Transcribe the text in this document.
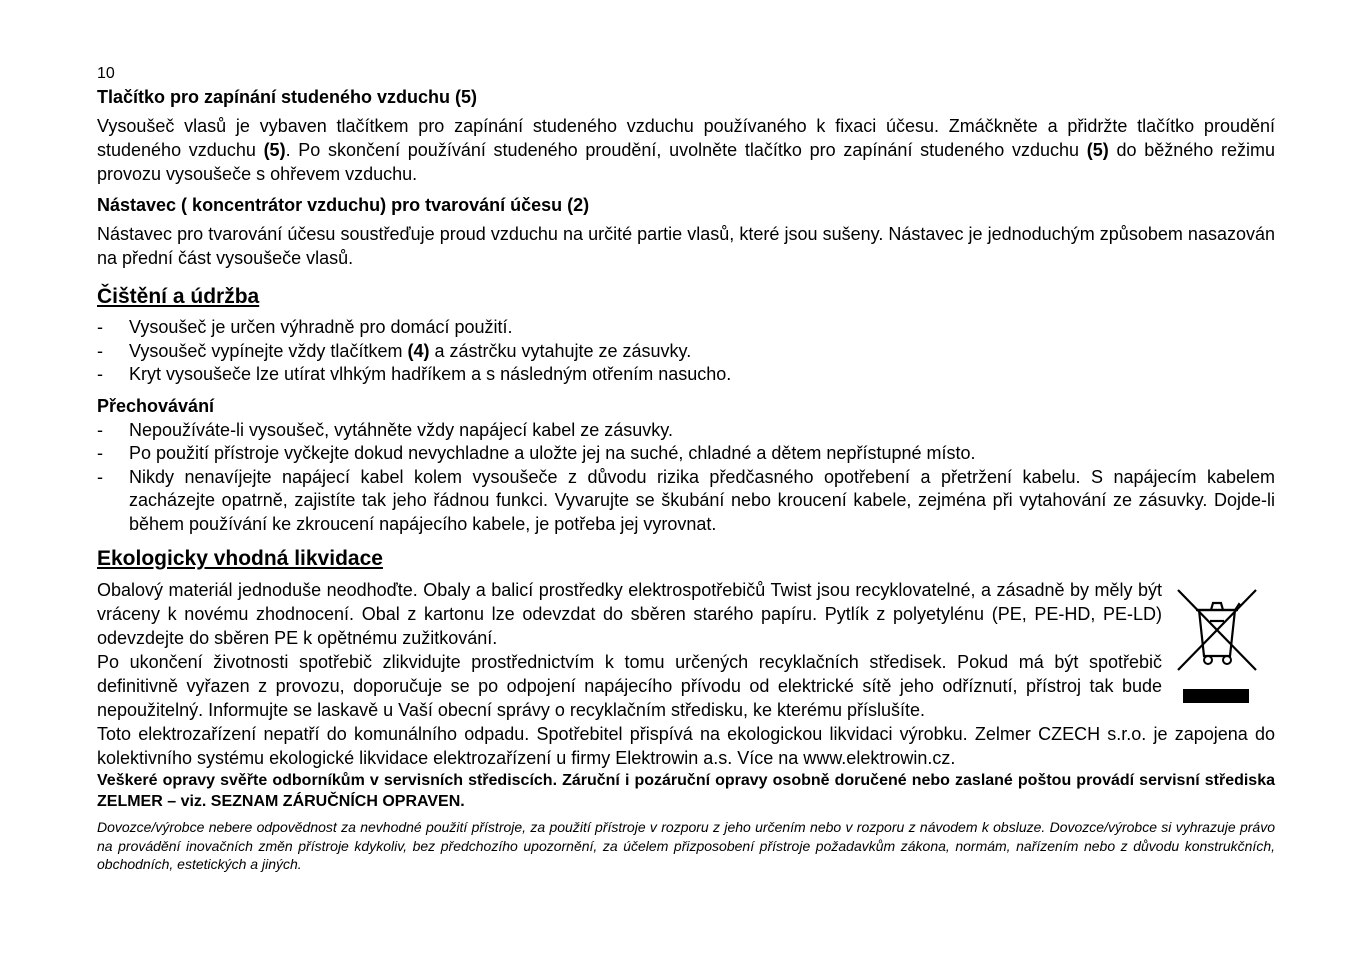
10
Tlačítko pro zapínání studeného vzduchu (5)

Vysoušeč vlasů je vybaven tlačítkem pro zapínání studeného vzduchu používaného k fixaci účesu. Zmáčkněte a přidržte tlačítko proudění studeného vzduchu (5). Po skončení používání studeného proudění, uvolněte tlačítko pro zapínání studeného vzduchu (5) do běžného režimu provozu vysoušeče s ohřevem vzduchu.

Nástavec ( koncentrátor vzduchu) pro tvarování účesu (2)

Nástavec pro tvarování účesu soustřeďuje proud vzduchu na určité partie vlasů, které jsou sušeny. Nástavec je jednoduchým způsobem nasazován na přední část vysoušeče vlasů.

Čištění a údržba
- Vysoušeč je určen výhradně pro domácí použití.
- Vysoušeč vypínejte vždy tlačítkem (4) a zástrčku vytahujte ze zásuvky.
- Kryt vysoušeče lze utírat vlhkým hadříkem a s následným otřením nasucho.
Přechovávání
- Nepoužíváte-li vysoušeč, vytáhněte vždy napájecí kabel ze zásuvky.
- Po použití přístroje vyčkejte dokud nevychladne a uložte jej na suché, chladné a dětem nepřístupné místo.
- Nikdy nenavíjejte napájecí kabel kolem vysoušeče z důvodu rizika předčasného opotřebení a přetržení kabelu. S napájecím kabelem zacházejte opatrně, zajistíte tak jeho řádnou funkci. Vyvarujte se škubání nebo kroucení kabele, zejména při vytahování ze zásuvky. Dojde-li během používání ke zkroucení napájecího kabele, je potřeba jej vyrovnat.
Ekologicky vhodná likvidace

Obalový materiál jednoduše neodhoďte. Obaly a balicí prostředky elektrospotřebičů Twist jsou recyklovatelné, a zásadně by měly být vráceny k novému zhodnocení. Obal z kartonu lze odevzdat do sběren starého papíru. Pytlík z polyetylénu (PE, PE-HD, PE-LD) odevzdejte do sběren PE k opětnému zužitkování.

Po ukončení životnosti spotřebič zlikvidujte prostřednictvím k tomu určených recyklačních středisek. Pokud má být spotřebič definitivně vyřazen z provozu, doporučuje se po odpojení napájecího přívodu od elektrické sítě jeho odříznutí, přístroj tak bude nepoužitelný. Informujte se laskavě u Vaší obecní správy o recyklačním středisku, ke kterému příslušíte.

Toto elektrozařízení nepatří do komunálního odpadu. Spotřebitel přispívá na ekologickou likvidaci výrobku. Zelmer CZECH s.r.o. je zapojena do kolektivního systému ekologické likvidace elektrozařízení u firmy Elektrowin a.s. Více na www.elektrowin.cz.

Veškeré opravy svěřte odborníkům v servisních střediscích. Záruční i pozáruční opravy osobně doručené nebo zaslané poštou provádí servisní střediska ZELMER – viz. SEZNAM ZÁRUČNÍCH OPRAVEN.

Dovozce/výrobce nebere odpovědnost za nevhodné použití přístroje, za použití přístroje v rozporu z jeho určením nebo v rozporu z návodem k obsluze. Dovozce/výrobce si vyhrazuje právo na provádění inovačních změn přístroje kdykoliv, bez předchozího upozornění, za účelem přizposobení přístroje požadavkům zákona, normám, nařízením nebo z důvodu konstrukčních, obchodních, estetických a jiných.
